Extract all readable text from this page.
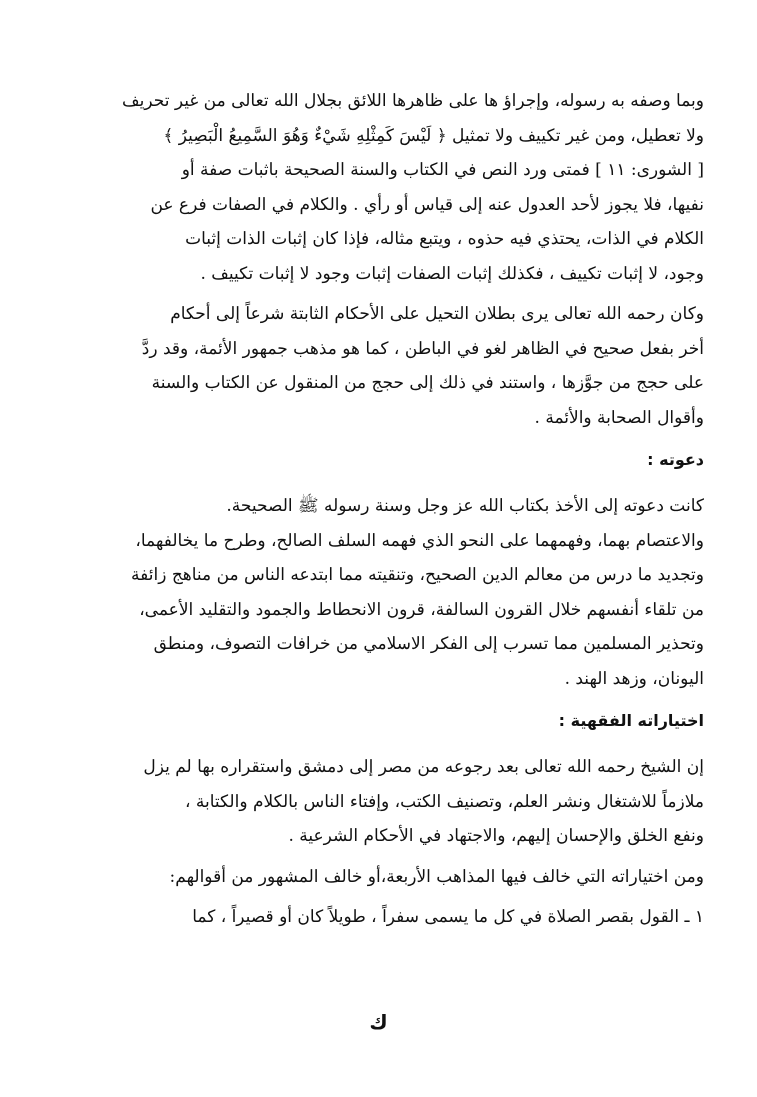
وبما وصفه به رسوله، وإجراؤ ها على ظاهرها اللائق بجلال الله تعالى من غير تحريف
ولا تعطيل، ومن غير تكييف ولا تمثيل ﴿ لَيْسَ كَمِثْلِهِ شَيْءٌ وَهُوَ السَّمِيعُ الْبَصِيرُ ﴾
[ الشورى: ١١ ] فمتى ورد النص في الكتاب والسنة الصحيحة باثبات صفة أو
نفيها، فلا يجوز لأحد العدول عنه إلى قياس أو رأي . والكلام في الصفات فرع عن
الكلام في الذات، يحتذي فيه حذوه ، ويتبع مثاله، فإذا كان إثبات الذات إثبات
وجود، لا إثبات تكييف ، فكذلك إثبات الصفات إثبات وجود لا إثبات تكييف .
وكان رحمه الله تعالى يرى بطلان التحيل على الأحكام الثابتة شرعاً إلى أحكام
أخر بفعل صحيح في الظاهر لغو في الباطن ، كما هو مذهب جمهور الأئمة، وقد ردَّ
على حجج من جوَّزها ، واستند في ذلك إلى حجج من المنقول عن الكتاب والسنة
وأقوال الصحابة والأئمة .
دعوته :
كانت دعوته إلى الأخذ بكتاب الله عز وجل وسنة رسوله ﷺ الصحيحة.
والاعتصام بهما، وفهمهما على النحو الذي فهمه السلف الصالح، وطرح ما يخالفهما،
وتجديد ما درس من معالم الدين الصحيح، وتنقيته مما ابتدعه الناس من مناهج زائفة
من تلقاء أنفسهم خلال القرون السالفة، قرون الانحطاط والجمود والتقليد الأعمى،
وتحذير المسلمين مما تسرب إلى الفكر الاسلامي من خرافات التصوف، ومنطق
اليونان، وزهد الهند .
اختياراته الفقهية :
إن الشيخ رحمه الله تعالى بعد رجوعه من مصر إلى دمشق واستقراره بها لم يزل
ملازماً للاشتغال ونشر العلم، وتصنيف الكتب، وإفتاء الناس بالكلام والكتابة ،
ونفع الخلق والإحسان إليهم، والاجتهاد في الأحكام الشرعية .
ومن اختياراته التي خالف فيها المذاهب الأربعة،أو خالف المشهور من أقوالهم:
١ ـ القول بقصر الصلاة في كل ما يسمى سفراً ، طويلاً كان أو قصيراً ، كما
ك
